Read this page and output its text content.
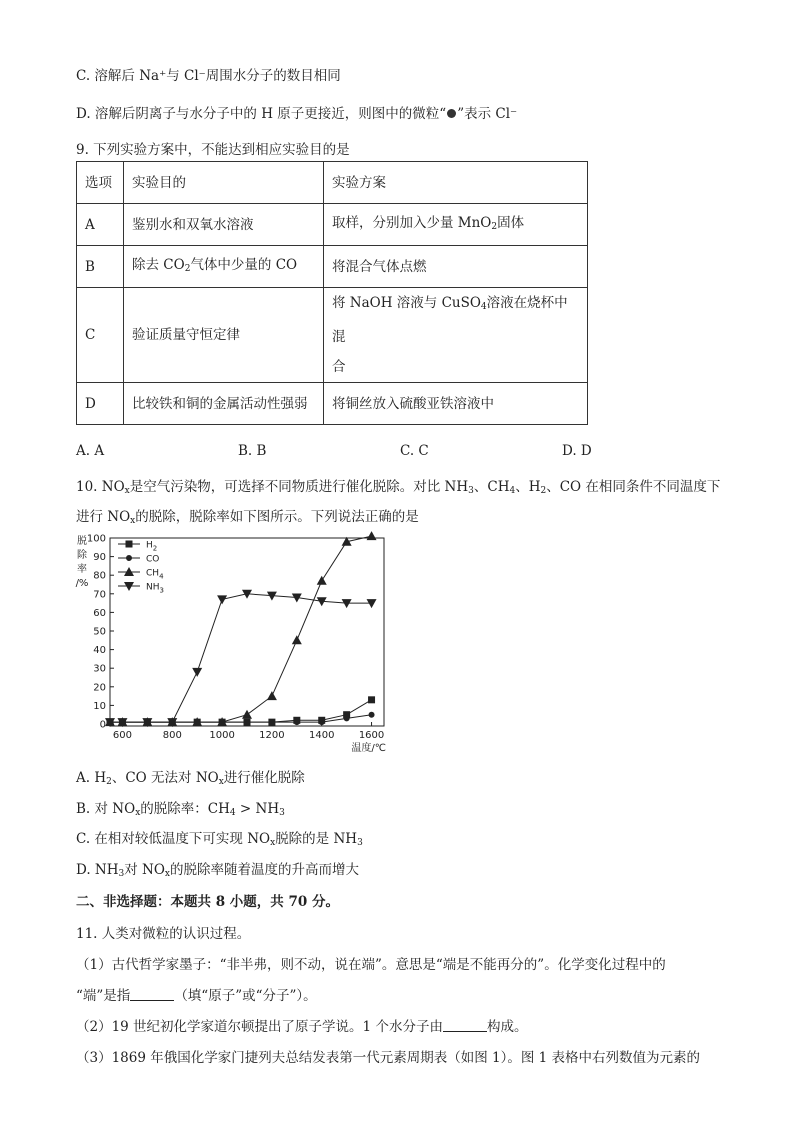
C. 溶解后 Na⁺与 Cl⁻周围水分子的数目相同
D. 溶解后阴离子与水分子中的 H 原子更接近，则图中的微粒“ ”表示 Cl⁻
9. 下列实验方案中，不能达到相应实验目的是
选项	实验目的	实验方案
A	鉴别水和双氧水溶液	取样，分别加入少量 MnO$_2$固体
B	除去 $CO_2$气体中少量的 CO	将混合气体点燃
C	验证质量守恒定律	将 NaOH 溶液与 CuSO$_4$溶液在烧杯中混
合
D	比较铁和铜的金属活动性强弱	将铜丝放入硫酸亚铁溶液中
A. A	B. B	C. C	D. D
10. $NO_x$是空气污染物，可选择不同物质进行催化脱除。对比 $NH_3$、$CH_4$、$H_2$、CO 在相同条件不同温度下
进行 $NO_x$的脱除，脱除率如下图所示。下列说法正确的是
脱
除
率
/%
0
10
20
30
40
50
60
70
80
90
100
600	800	1000 1200 1400 1600
$H_2$
CO
$CH_4$
$NH_3$
温度/℃
A. $H_2$、CO 无法对 $NO_x$进行催化脱除
B. 对 $NO_x$的脱除率：$CH_4 > NH_3$
C. 在相对较低温度下可实现 $NO_x$脱除的是 $NH_3$
D. $NH_3$对 $NO_x$的脱除率随着温度的升高而增大
二、非选择题：本题共 8 小题，共 70 分。
11. 人类对微粒的认识过程。
（1）古代哲学家墨子：“非半弗，则不动，说在端”。意思是“端是不能再分的”。化学变化过程中的
“端”是指	（填“原子”或“分子”）。
（2）19 世纪初化学家道尔顿提出了原子学说。1 个水分子由	构成。
（3）1869 年俄国化学家门捷列夫总结发表第一代元素周期表（如图 1）。图 1 表格中右列数值为元素的
